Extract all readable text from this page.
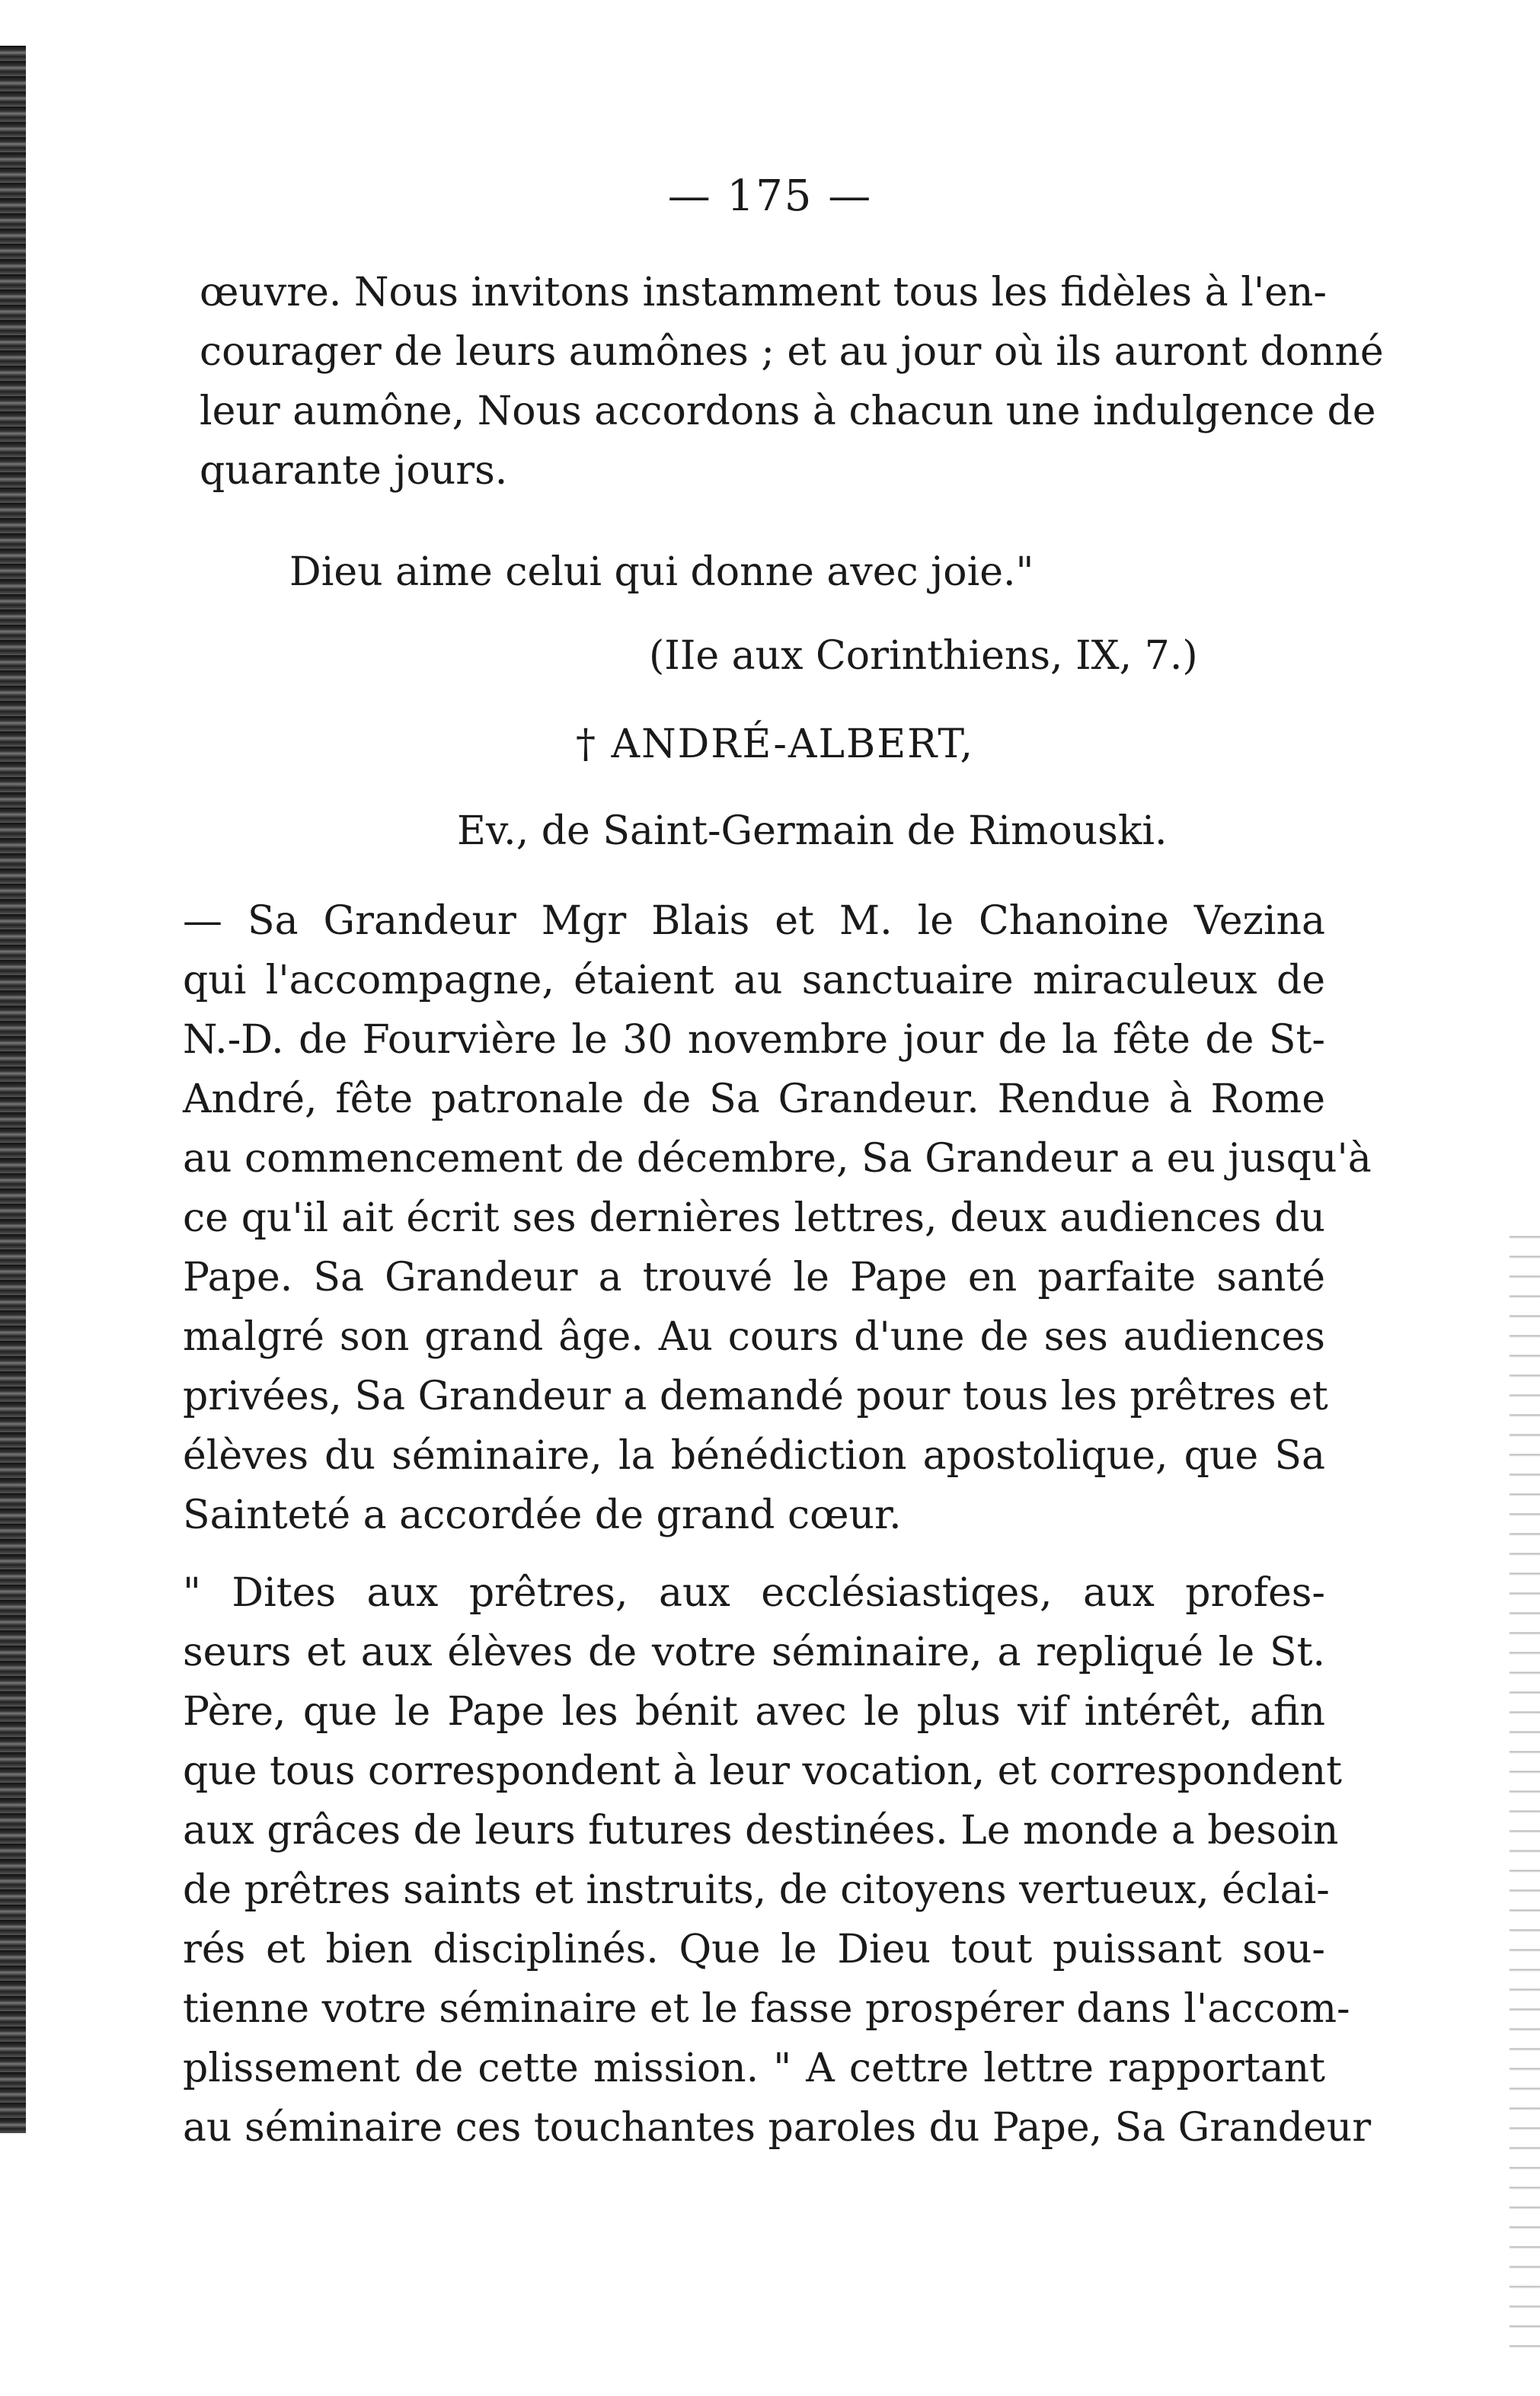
— 175 —
œuvre. Nous invitons instamment tous les fidèles à l'en-
courager de leurs aumônes ; et au jour où ils auront donné
leur aumône, Nous accordons à chacun une indulgence de
quarante jours.
Dieu aime celui qui donne avec joie."
(IIe aux Corinthiens, IX, 7.)
† ANDRÉ-ALBERT,
Ev., de Saint-Germain de Rimouski.
— Sa Grandeur Mgr Blais et M. le Chanoine Vezina
qui l'accompagne, étaient au sanctuaire miraculeux de
N.-D. de Fourvière le 30 novembre jour de la fête de St-
André, fête patronale de Sa Grandeur. Rendue à Rome
au commencement de décembre, Sa Grandeur a eu jusqu'à
ce qu'il ait écrit ses dernières lettres, deux audiences du
Pape. Sa Grandeur a trouvé le Pape en parfaite santé
malgré son grand âge. Au cours d'une de ses audiences
privées, Sa Grandeur a demandé pour tous les prêtres et
élèves du séminaire, la bénédiction apostolique, que Sa
Sainteté a accordée de grand cœur.
" Dites aux prêtres, aux ecclésiastiqes, aux profes-
seurs et aux élèves de votre séminaire, a repliqué le St.
Père, que le Pape les bénit avec le plus vif intérêt, afin
que tous correspondent à leur vocation, et correspondent
aux grâces de leurs futures destinées. Le monde a besoin
de prêtres saints et instruits, de citoyens vertueux, éclai-
rés et bien disciplinés. Que le Dieu tout puissant sou-
tienne votre séminaire et le fasse prospérer dans l'accom-
plissement de cette mission. " A cettre lettre rapportant
au séminaire ces touchantes paroles du Pape, Sa Grandeur
